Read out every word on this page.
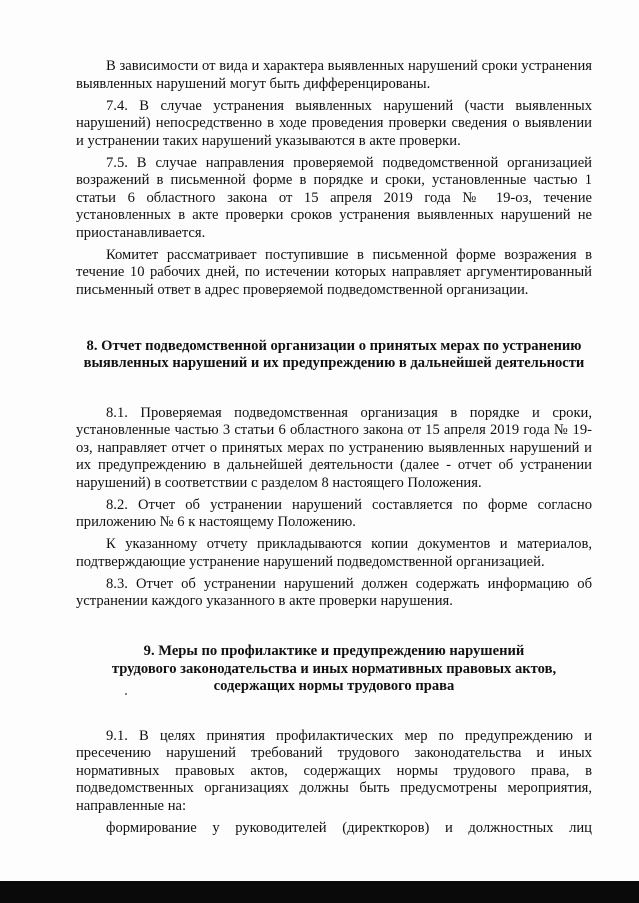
В зависимости от вида и характера выявленных нарушений сроки устранения выявленных нарушений могут быть дифференцированы.

7.4. В случае устранения выявленных нарушений (части выявленных нарушений) непосредственно в ходе проведения проверки сведения о выявлении и устранении таких нарушений указываются в акте проверки.

7.5. В случае направления проверяемой подведомственной организацией возражений в письменной форме в порядке и сроки, установленные частью 1 статьи 6 областного закона от 15 апреля 2019 года № 19-оз, течение установленных в акте проверки сроков устранения выявленных нарушений не приостанавливается.

Комитет рассматривает поступившие в письменной форме возражения в течение 10 рабочих дней, по истечении которых направляет аргументированный письменный ответ в адрес проверяемой подведомственной организации.

8. Отчет подведомственной организации о принятых мерах по устранению

выявленных нарушений и их предупреждению в дальнейшей деятельности

8.1. Проверяемая подведомственная организация в порядке и сроки, установленные частью 3 статьи 6 областного закона от 15 апреля 2019 года № 19-оз, направляет отчет о принятых мерах по устранению выявленных нарушений и их предупреждению в дальнейшей деятельности (далее - отчет об устранении нарушений) в соответствии с разделом 8 настоящего Положения.

8.2. Отчет об устранении нарушений составляется по форме согласно приложению № 6 к настоящему Положению.

К указанному отчету прикладываются копии документов и материалов, подтверждающие устранение нарушений подведомственной организацией.

8.3. Отчет об устранении нарушений должен содержать информацию об устранении каждого указанного в акте проверки нарушения.

9. Меры по профилактике и предупреждению нарушений

трудового законодательства и иных нормативных правовых актов,

содержащих нормы трудового права

9.1. В целях принятия профилактических мер по предупреждению и пресечению нарушений требований трудового законодательства и иных нормативных правовых актов, содержащих нормы трудового права, в подведомственных организациях должны быть предусмотрены мероприятия, направленные на:

формирование у руководителей (директкоров) и должностных лиц
